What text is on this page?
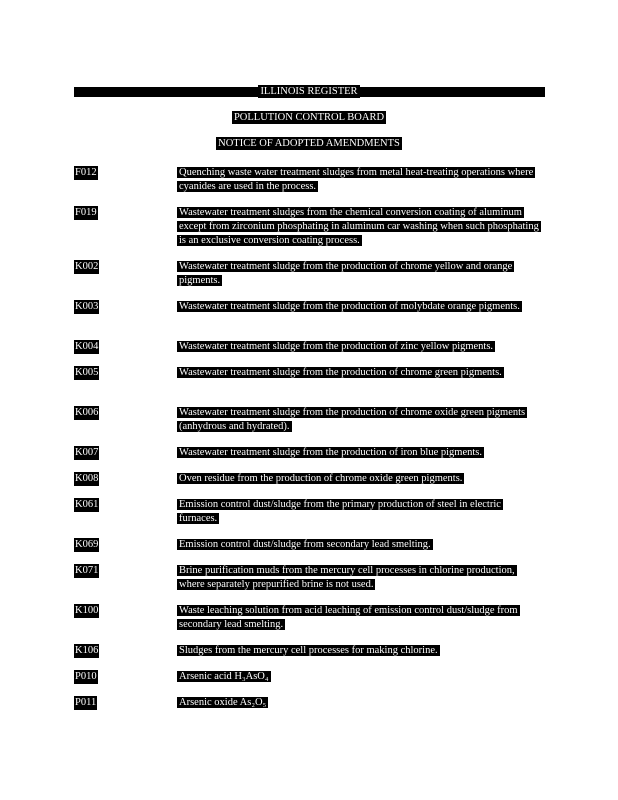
ILLINOIS REGISTER
POLLUTION CONTROL BOARD
NOTICE OF ADOPTED AMENDMENTS
F012	Quenching waste water treatment sludges from metal heat-treating operations where cyanides are used in the process.
F019	Wastewater treatment sludges from the chemical conversion coating of aluminum except from zirconium phosphating in aluminum car washing when such phosphating is an exclusive conversion coating process.
K002	Wastewater treatment sludge from the production of chrome yellow and orange pigments.
K003	Wastewater treatment sludge from the production of molybdate orange pigments.
K004	Wastewater treatment sludge from the production of zinc yellow pigments.
K005	Wastewater treatment sludge from the production of chrome green pigments.
K006	Wastewater treatment sludge from the production of chrome oxide green pigments (anhydrous and hydrated).
K007	Wastewater treatment sludge from the production of iron blue pigments.
K008	Oven residue from the production of chrome oxide green pigments.
K061	Emission control dust/sludge from the primary production of steel in electric furnaces.
K069	Emission control dust/sludge from secondary lead smelting.
K071	Brine purification muds from the mercury cell processes in chlorine production, where separately prepurified brine is not used.
K100	Waste leaching solution from acid leaching of emission control dust/sludge from secondary lead smelting.
K106	Sludges from the mercury cell processes for making chlorine.
P010	Arsenic acid H₃AsO₄
P011	Arsenic oxide As₂O₅
